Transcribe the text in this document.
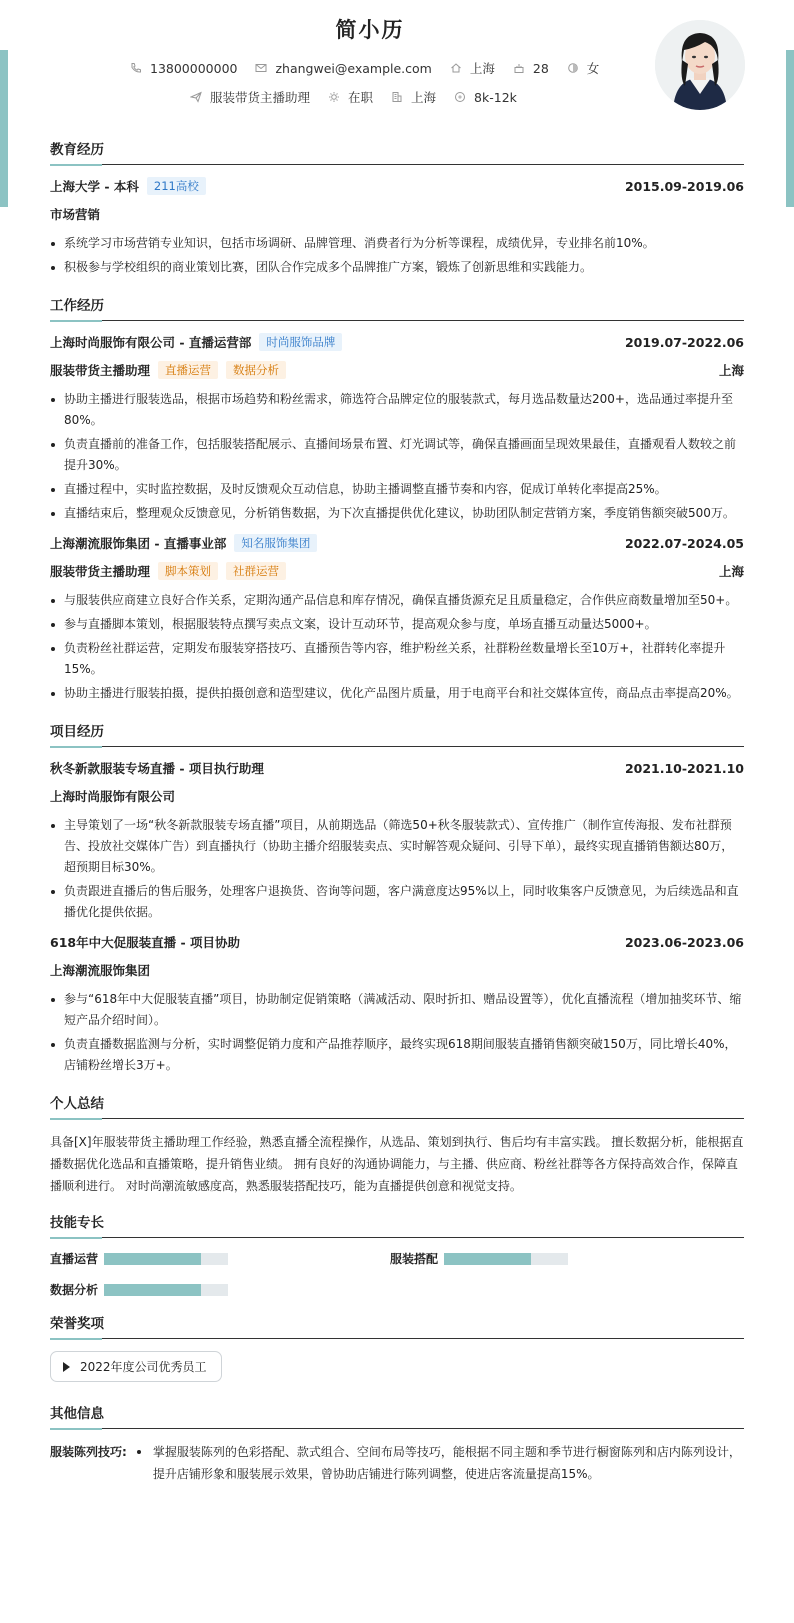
简小历
13800000000	zhangwei@example.com	上海	28	女
服装带货主播助理	在职	上海	8k-12k
教育经历
上海大学 - 本科	211高校	2015.09-2019.06
市场营销
系统学习市场营销专业知识，包括市场调研、品牌管理、消费者行为分析等课程，成绩优异，专业排名前10%。
积极参与学校组织的商业策划比赛，团队合作完成多个品牌推广方案，锻炼了创新思维和实践能力。
工作经历
上海时尚服饰有限公司 - 直播运营部	时尚服饰品牌	2019.07-2022.06
服装带货主播助理	直播运营	数据分析	上海
协助主播进行服装选品，根据市场趋势和粉丝需求，筛选符合品牌定位的服装款式，每月选品数量达200+，选品通过率提升至80%。
负责直播前的准备工作，包括服装搭配展示、直播间场景布置、灯光调试等，确保直播画面呈现效果最佳，直播观看人数较之前提升30%。
直播过程中，实时监控数据，及时反馈观众互动信息，协助主播调整直播节奏和内容，促成订单转化率提高25%。
直播结束后，整理观众反馈意见，分析销售数据，为下次直播提供优化建议，协助团队制定营销方案，季度销售额突破500万。
上海潮流服饰集团 - 直播事业部	知名服饰集团	2022.07-2024.05
服装带货主播助理	脚本策划	社群运营	上海
与服装供应商建立良好合作关系，定期沟通产品信息和库存情况，确保直播货源充足且质量稳定，合作供应商数量增加至50+。
参与直播脚本策划，根据服装特点撰写卖点文案，设计互动环节，提高观众参与度，单场直播互动量达5000+。
负责粉丝社群运营，定期发布服装穿搭技巧、直播预告等内容，维护粉丝关系，社群粉丝数量增长至10万+，社群转化率提升15%。
协助主播进行服装拍摄，提供拍摄创意和造型建议，优化产品图片质量，用于电商平台和社交媒体宣传，商品点击率提高20%。
项目经历
秋冬新款服装专场直播 - 项目执行助理	2021.10-2021.10
上海时尚服饰有限公司
主导策划了一场“秋冬新款服装专场直播”项目，从前期选品（筛选50+秋冬服装款式）、宣传推广（制作宣传海报、发布社群预告、投放社交媒体广告）到直播执行（协助主播介绍服装卖点、实时解答观众疑问、引导下单），最终实现直播销售额达80万，超预期目标30%。
负责跟进直播后的售后服务，处理客户退换货、咨询等问题，客户满意度达95%以上，同时收集客户反馈意见，为后续选品和直播优化提供依据。
618年中大促服装直播 - 项目协助	2023.06-2023.06
上海潮流服饰集团
参与“618年中大促服装直播”项目，协助制定促销策略（满减活动、限时折扣、赠品设置等），优化直播流程（增加抽奖环节、缩短产品介绍时间）。
负责直播数据监测与分析，实时调整促销力度和产品推荐顺序，最终实现618期间服装直播销售额突破150万，同比增长40%，店铺粉丝增长3万+。
个人总结
具备[X]年服装带货主播助理工作经验，熟悉直播全流程操作，从选品、策划到执行、售后均有丰富实践。 擅长数据分析，能根据直播数据优化选品和直播策略，提升销售业绩。 拥有良好的沟通协调能力，与主播、供应商、粉丝社群等各方保持高效合作，保障直播顺利进行。 对时尚潮流敏感度高，熟悉服装搭配技巧，能为直播提供创意和视觉支持。
技能专长
直播运营	服装搭配
数据分析
荣誉奖项
2022年度公司优秀员工
其他信息
服装陈列技巧:	掌握服装陈列的色彩搭配、款式组合、空间布局等技巧，能根据不同主题和季节进行橱窗陈列和店内陈列设计，提升店铺形象和服装展示效果，曾协助店铺进行陈列调整，使进店客流量提高15%。
